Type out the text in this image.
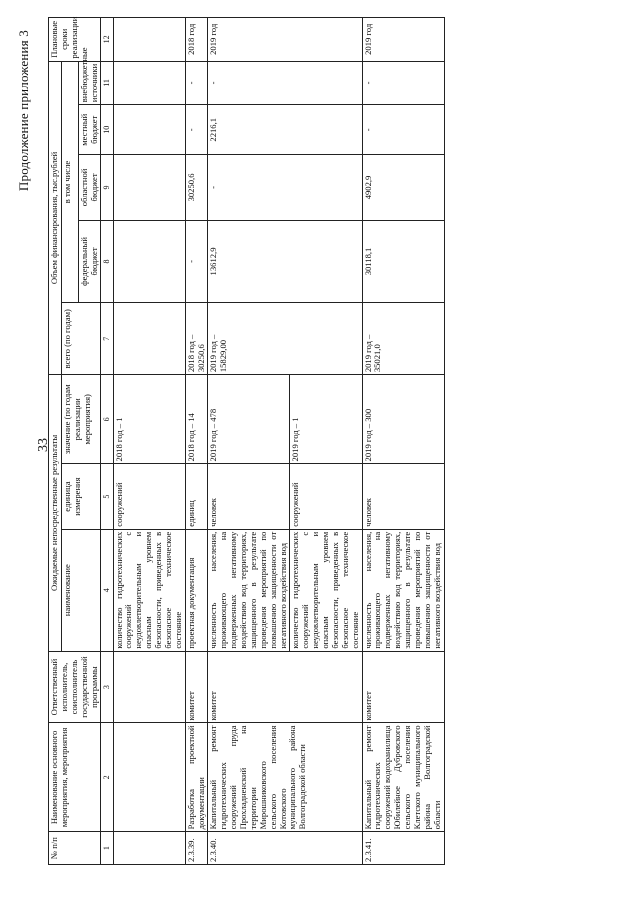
33
Продолжение приложения 3
№ п/п	Наименование основного мероприятия, мероприятия	Ответственный исполнитель, соисполнитель государственной программы	Ожидаемые непосредственные результаты			Объем финансирования, тыс.рублей					Плановые сроки реализации
			наименование	единица измерения	значение (по годам реализации мероприятия)	всего (по годам)	в том числе				
							федеральный бюджет	областной бюджет	местный бюджет	внебюджетные источники	
1	2	3	4	5	6	7	8	9	10	11	12
			количество гидротехнических сооружений с неудовлетворительным и опасным уровнем безопасности, приведенных в безопасное техническое состояние	сооружений	2018 год – 1						
2.3.39.	Разработка проектной документации	комитет	проектная документация	единиц	2018 год – 14	2018 год – 30250,6	-	30250,6	-	-	2018 год
2.3.40.	Капитальный ремонт гидротехнических сооружений пруда Прохладненский на территории Мирошниковского сельского поселения Котовского муниципального района Волгоградской области	комитет	численность населения, проживающего на подверженных негативному воздействию вод территориях, защищенного в результате проведения мероприятий по повышению защищенности от негативного воздействия вод	человек	2019 год – 478	2019 год – 15829,00	13612,9	-	2216,1	-	2019 год
			количество гидротехнических сооружений с неудовлетворительным и опасным уровнем безопасности, приведенных в безопасное техническое состояние	сооружений	2019 год – 1						
2.3.41.	Капитальный ремонт гидротехнических сооружений водохранилища Юбилейное Дубровского сельского поселения Клетского муниципального района Волгоградской области	комитет	численность населения, проживающего на подверженных негативному воздействию вод территориях, защищенного в результате проведения мероприятий по повышению защищенности от негативного воздействия вод	человек	2019 год – 300	2019 год – 35021,0	30118,1	4902,9	-	-	2019 год
